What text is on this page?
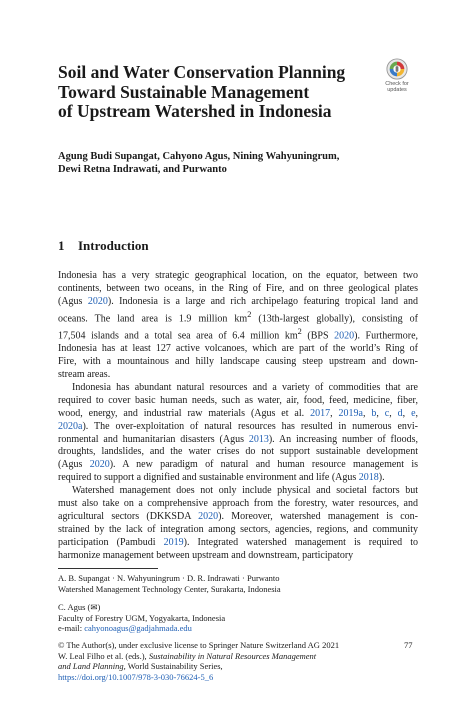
Soil and Water Conservation Planning
Toward Sustainable Management
of Upstream Watershed in Indonesia
Check for
updates
Agung Budi Supangat, Cahyono Agus, Nining Wahyuningrum,
Dewi Retna Indrawati, and Purwanto
1 Introduction

Indonesia has a very strategic geographical location, on the equator, between two
continents, between two oceans, in the Ring of Fire, and on three geological plates
(Agus 2020). Indonesia is a large and rich archipelago featuring tropical land and
oceans. The land area is 1.9 million $km^2$ (13th-largest globally), consisting of
17,504 islands and a total sea area of 6.4 million $km^2$ (BPS 2020). Furthermore,
Indonesia has at least 127 active volcanoes, which are part of the world’s Ring of
Fire, with a mountainous and hilly landscape causing steep upstream and down-
stream areas.

Indonesia has abundant natural resources and a variety of commodities that are
required to cover basic human needs, such as water, air, food, feed, medicine, fiber,
wood, energy, and industrial raw materials (Agus et al. 2017, 2019a, b, c, d, e,
2020a). The over-exploitation of natural resources has resulted in numerous envi-
ronmental and humanitarian disasters (Agus 2013). An increasing number of floods,
droughts, landslides, and the water crises do not support sustainable development
(Agus 2020). A new paradigm of natural and human resource management is
required to support a dignified and sustainable environment and life (Agus 2018).

Watershed management does not only include physical and societal factors but
must also take on a comprehensive approach from the forestry, water resources, and
agricultural sectors (DKKSDA 2020). Moreover, watershed management is con-
strained by the lack of integration among sectors, agencies, regions, and community
participation (Pambudi 2019). Integrated watershed management is required to
harmonize management between upstream and downstream, participatory

A. B. Supangat · N. Wahyuningrum · D. R. Indrawati · Purwanto
Watershed Management Technology Center, Surakarta, Indonesia
C. Agus (✉)
Faculty of Forestry UGM, Yogyakarta, Indonesia
e-mail: cahyonoagus@gadjahmada.edu
© The Author(s), under exclusive license to Springer Nature Switzerland AG 2021
W. Leal Filho et al. (eds.), Sustainability in Natural Resources Management
and Land Planning, World Sustainability Series,
https://doi.org/10.1007/978-3-030-76624-5_6
77
